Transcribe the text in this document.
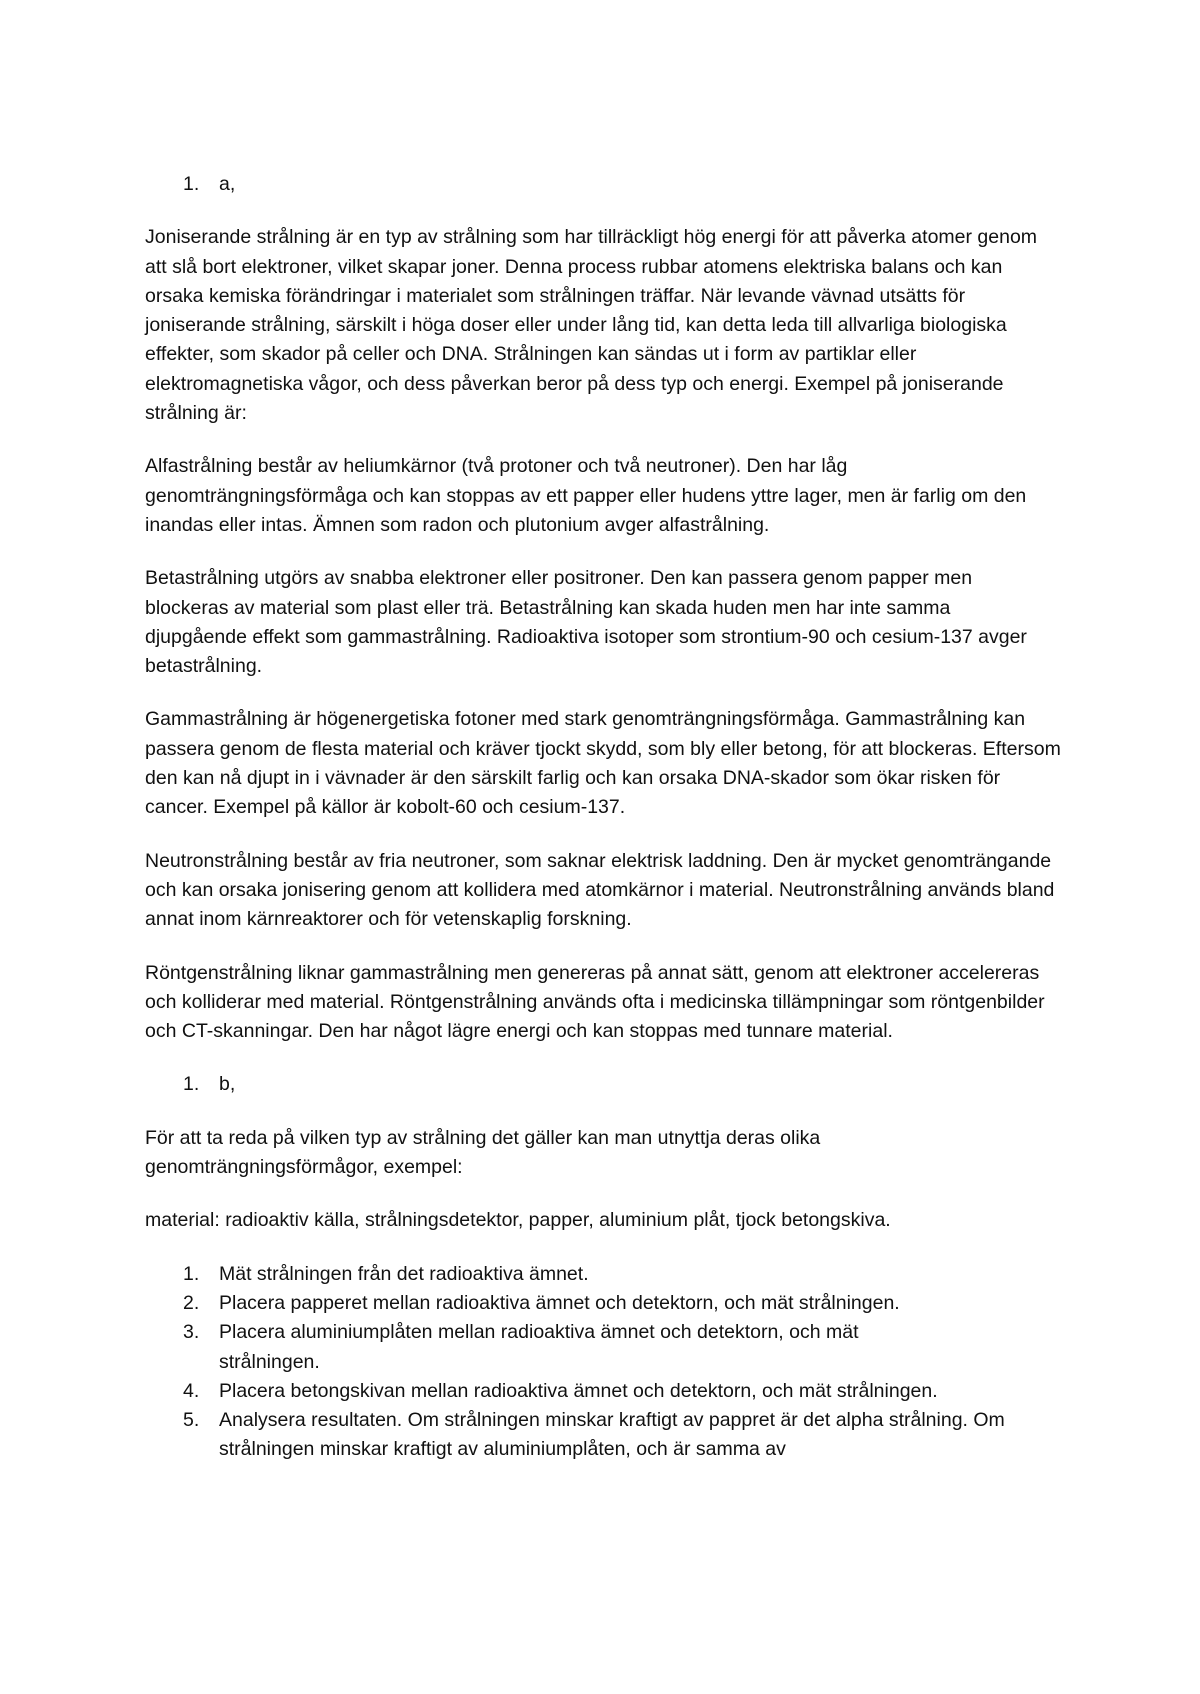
1. a,

Joniserande strålning är en typ av strålning som har tillräckligt hög energi för att påverka atomer genom att slå bort elektroner, vilket skapar joner. Denna process rubbar atomens elektriska balans och kan orsaka kemiska förändringar i materialet som strålningen träffar. När levande vävnad utsätts för joniserande strålning, särskilt i höga doser eller under lång tid, kan detta leda till allvarliga biologiska effekter, som skador på celler och DNA. Strålningen kan sändas ut i form av partiklar eller elektromagnetiska vågor, och dess påverkan beror på dess typ och energi. Exempel på joniserande strålning är:

Alfastrålning består av heliumkärnor (två protoner och två neutroner). Den har låg genomträngningsförmåga och kan stoppas av ett papper eller hudens yttre lager, men är farlig om den inandas eller intas. Ämnen som radon och plutonium avger alfastrålning.

Betastrålning utgörs av snabba elektroner eller positroner. Den kan passera genom papper men blockeras av material som plast eller trä. Betastrålning kan skada huden men har inte samma djupgående effekt som gammastrålning. Radioaktiva isotoper som strontium-90 och cesium-137 avger betastrålning.

Gammastrålning är högenergetiska fotoner med stark genomträngningsförmåga. Gammastrålning kan passera genom de flesta material och kräver tjockt skydd, som bly eller betong, för att blockeras. Eftersom den kan nå djupt in i vävnader är den särskilt farlig och kan orsaka DNA-skador som ökar risken för cancer. Exempel på källor är kobolt-60 och cesium-137.

Neutronstrålning består av fria neutroner, som saknar elektrisk laddning. Den är mycket genomträngande och kan orsaka jonisering genom att kollidera med atomkärnor i material. Neutronstrålning används bland annat inom kärnreaktorer och för vetenskaplig forskning.

Röntgenstrålning liknar gammastrålning men genereras på annat sätt, genom att elektroner accelereras och kolliderar med material. Röntgenstrålning används ofta i medicinska tillämpningar som röntgenbilder och CT-skanningar. Den har något lägre energi och kan stoppas med tunnare material.

1. b,

För att ta reda på vilken typ av strålning det gäller kan man utnyttja deras olika genomträngningsförmågor, exempel:

material: radioaktiv källa, strålningsdetektor, papper, aluminium plåt, tjock betongskiva.

1. Mät strålningen från det radioaktiva ämnet.
2. Placera papperet mellan radioaktiva ämnet och detektorn, och mät strålningen.
3. Placera aluminiumplåten mellan radioaktiva ämnet och detektorn, och mät strålningen.
4. Placera betongskivan mellan radioaktiva ämnet och detektorn, och mät strålningen.
5. Analysera resultaten. Om strålningen minskar kraftigt av pappret är det alpha strålning. Om strålningen minskar kraftigt av aluminiumplåten, och är samma av
